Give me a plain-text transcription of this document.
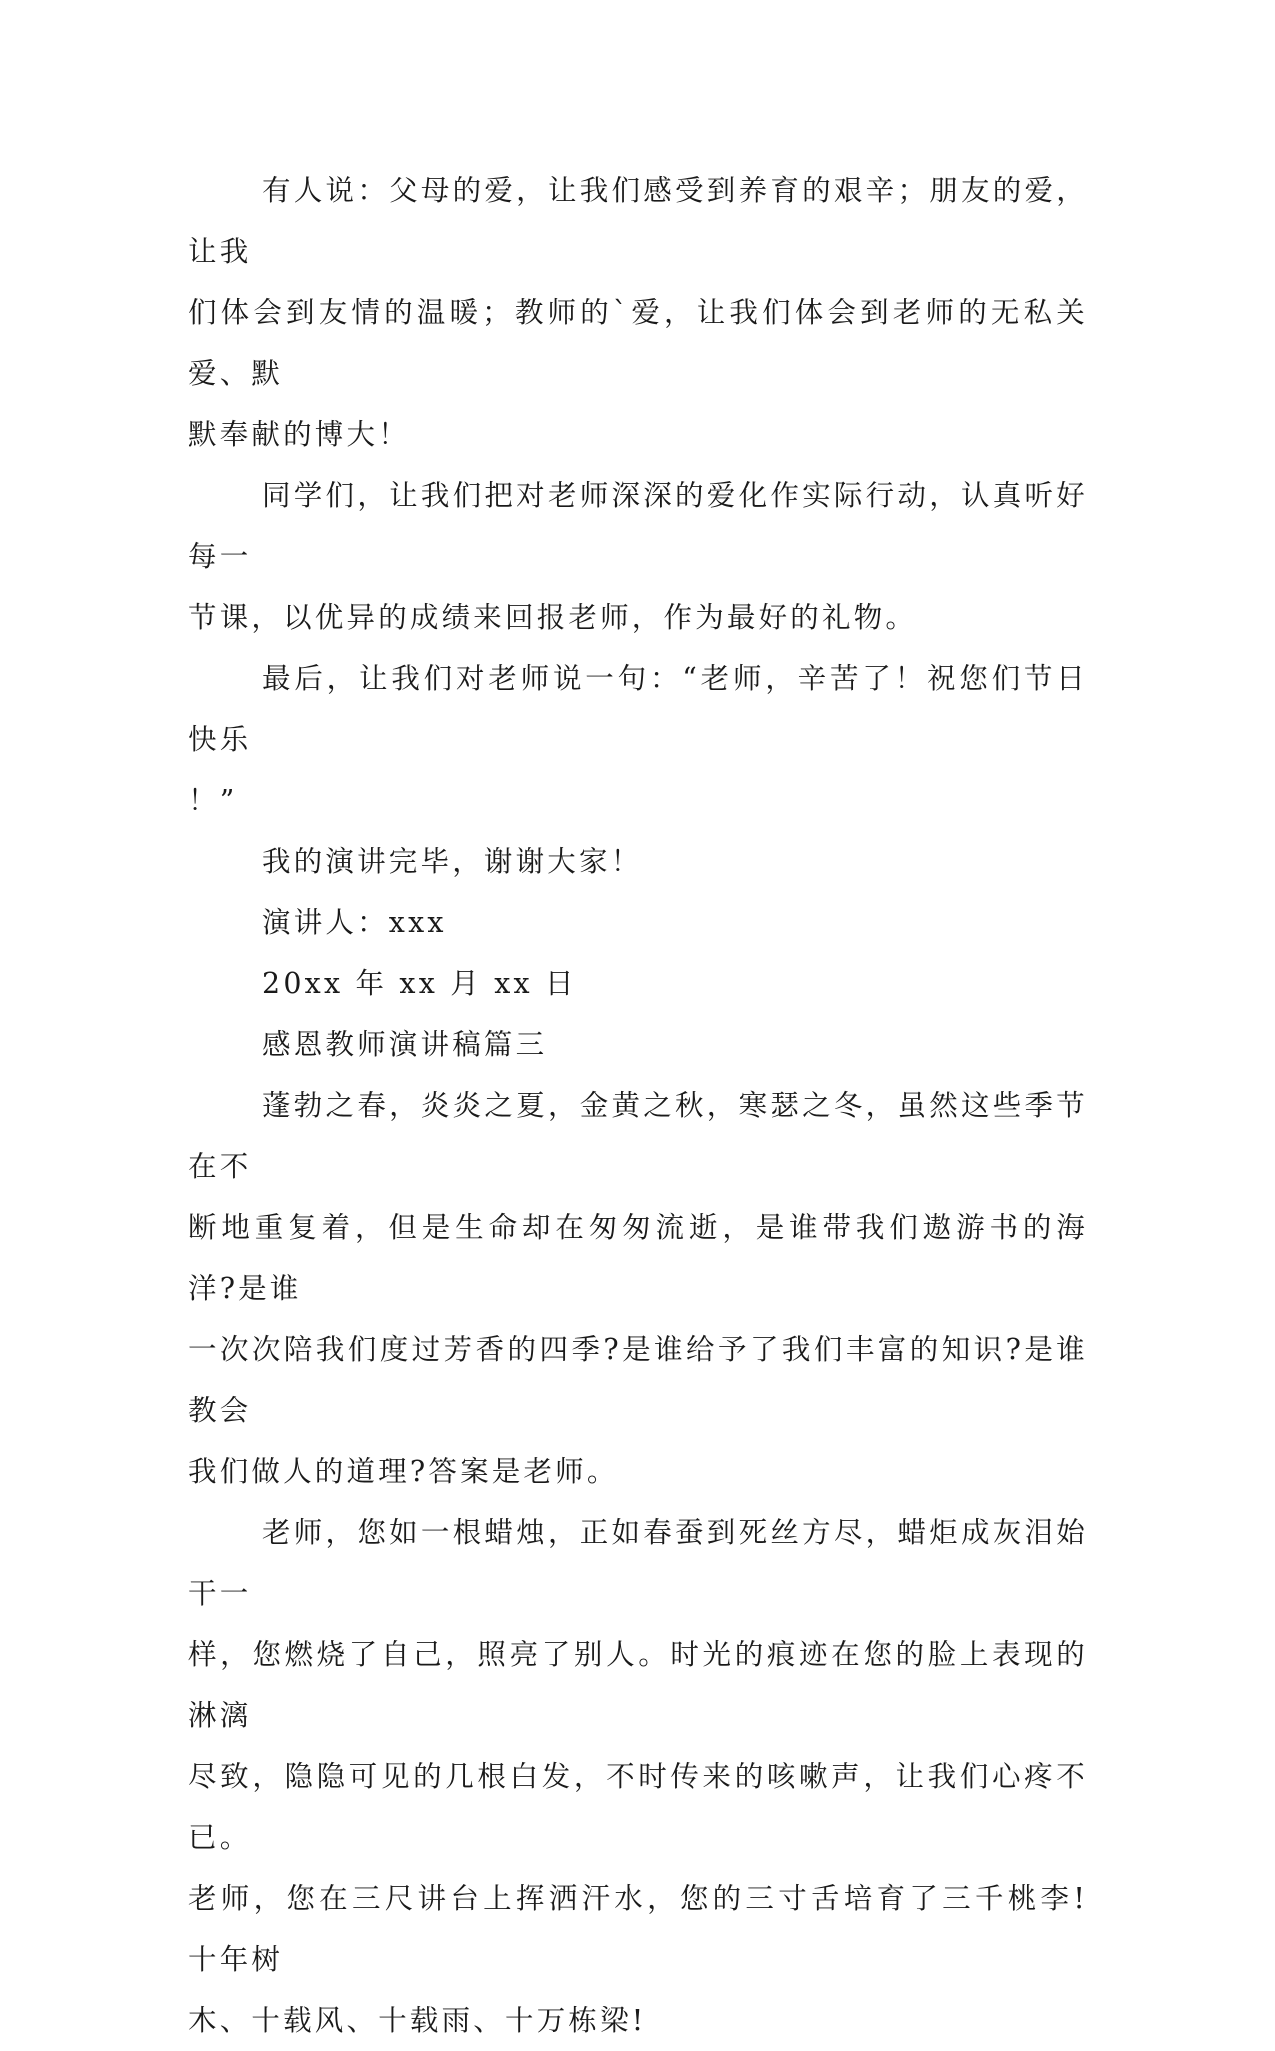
有人说：父母的爱，让我们感受到养育的艰辛；朋友的爱，让我
们体会到友情的温暖；教师的`爱，让我们体会到老师的无私关爱、默
默奉献的博大！

同学们，让我们把对老师深深的爱化作实际行动，认真听好每一
节课，以优异的成绩来回报老师，作为最好的礼物。

最后，让我们对老师说一句：“老师，辛苦了！祝您们节日快乐
！”

我的演讲完毕，谢谢大家！

演讲人：xxx

20xx 年 xx 月 xx 日

感恩教师演讲稿篇三

蓬勃之春，炎炎之夏，金黄之秋，寒瑟之冬，虽然这些季节在不
断地重复着，但是生命却在匆匆流逝，是谁带我们遨游书的海洋?是谁
一次次陪我们度过芳香的四季?是谁给予了我们丰富的知识?是谁教会
我们做人的道理?答案是老师。

老师，您如一根蜡烛，正如春蚕到死丝方尽，蜡炬成灰泪始干一
样，您燃烧了自己，照亮了别人。时光的痕迹在您的脸上表现的淋漓
尽致，隐隐可见的几根白发，不时传来的咳嗽声，让我们心疼不已。
老师，您在三尺讲台上挥洒汗水，您的三寸舌培育了三千桃李!十年树
木、十载风、十载雨、十万栋梁!
